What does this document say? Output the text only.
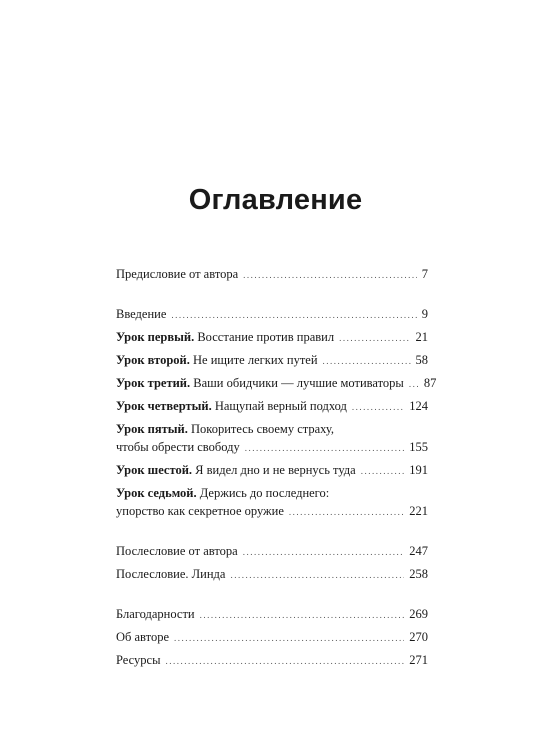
Оглавление
Предисловие от автора .....	7
Введение .....	9
Урок первый. Восстание против правил .....	21
Урок второй. Не ищите легких путей .....	58
Урок третий. Ваши обидчики — лучшие мотиваторы ..... 87
Урок четвертый. Нащупай верный подход .....	124
Урок пятый. Покоритесь своему страху,
чтобы обрести свободу .....	155
Урок шестой. Я видел дно и не вернусь туда .....	191
Урок седьмой. Держись до последнего:
упорство как секретное оружие .....	221
Послесловие от автора .....	247
Послесловие. Линда .....	258
Благодарности .....	269
Об авторе .....	270
Ресурсы .....	271
